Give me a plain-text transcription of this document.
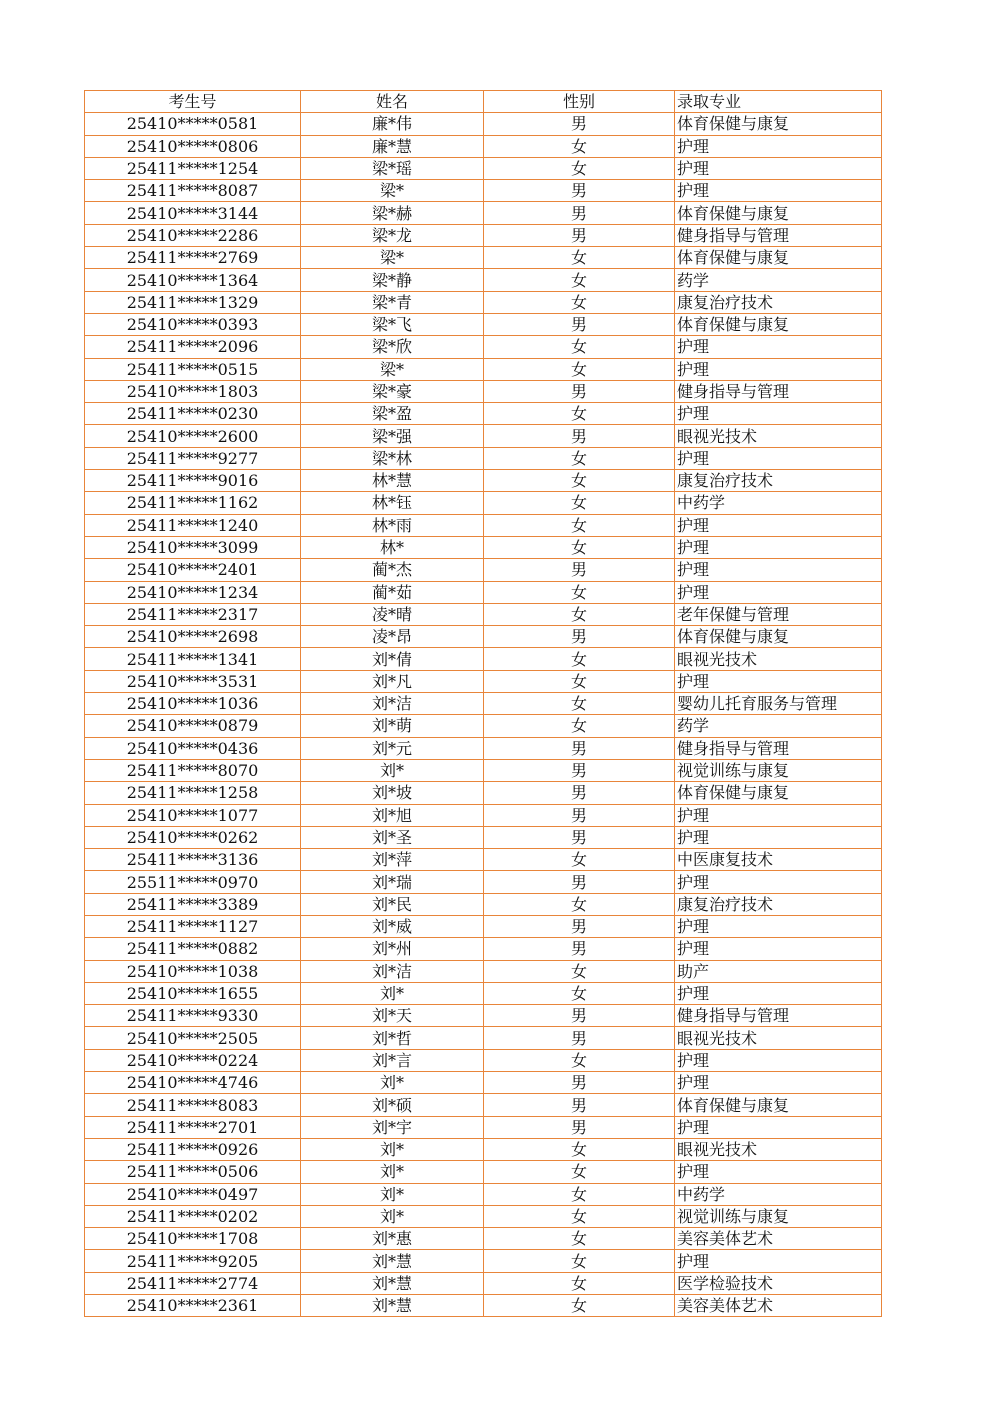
考生号	姓名	性别	录取专业
25410*****0581	廉*伟	男	体育保健与康复
25410*****0806	廉*慧	女	护理
25411*****1254	梁*瑶	女	护理
25411*****8087	梁*	男	护理
25410*****3144	梁*赫	男	体育保健与康复
25410*****2286	梁*龙	男	健身指导与管理
25411*****2769	梁*	女	体育保健与康复
25410*****1364	梁*静	女	药学
25411*****1329	梁*青	女	康复治疗技术
25410*****0393	梁*飞	男	体育保健与康复
25411*****2096	梁*欣	女	护理
25411*****0515	梁*	女	护理
25410*****1803	梁*豪	男	健身指导与管理
25411*****0230	梁*盈	女	护理
25410*****2600	梁*强	男	眼视光技术
25411*****9277	梁*林	女	护理
25411*****9016	林*慧	女	康复治疗技术
25411*****1162	林*钰	女	中药学
25411*****1240	林*雨	女	护理
25410*****3099	林*	女	护理
25410*****2401	蔺*杰	男	护理
25410*****1234	蔺*茹	女	护理
25411*****2317	凌*晴	女	老年保健与管理
25410*****2698	凌*昂	男	体育保健与康复
25411*****1341	刘*倩	女	眼视光技术
25410*****3531	刘*凡	女	护理
25410*****1036	刘*洁	女	婴幼儿托育服务与管理
25410*****0879	刘*萌	女	药学
25410*****0436	刘*元	男	健身指导与管理
25411*****8070	刘*	男	视觉训练与康复
25411*****1258	刘*坡	男	体育保健与康复
25410*****1077	刘*旭	男	护理
25410*****0262	刘*圣	男	护理
25411*****3136	刘*萍	女	中医康复技术
25511*****0970	刘*瑞	男	护理
25411*****3389	刘*民	女	康复治疗技术
25411*****1127	刘*威	男	护理
25411*****0882	刘*州	男	护理
25410*****1038	刘*洁	女	助产
25410*****1655	刘*	女	护理
25411*****9330	刘*天	男	健身指导与管理
25410*****2505	刘*哲	男	眼视光技术
25410*****0224	刘*言	女	护理
25410*****4746	刘*	男	护理
25411*****8083	刘*硕	男	体育保健与康复
25411*****2701	刘*宇	男	护理
25411*****0926	刘*	女	眼视光技术
25411*****0506	刘*	女	护理
25410*****0497	刘*	女	中药学
25411*****0202	刘*	女	视觉训练与康复
25410*****1708	刘*惠	女	美容美体艺术
25411*****9205	刘*慧	女	护理
25411*****2774	刘*慧	女	医学检验技术
25410*****2361	刘*慧	女	美容美体艺术
